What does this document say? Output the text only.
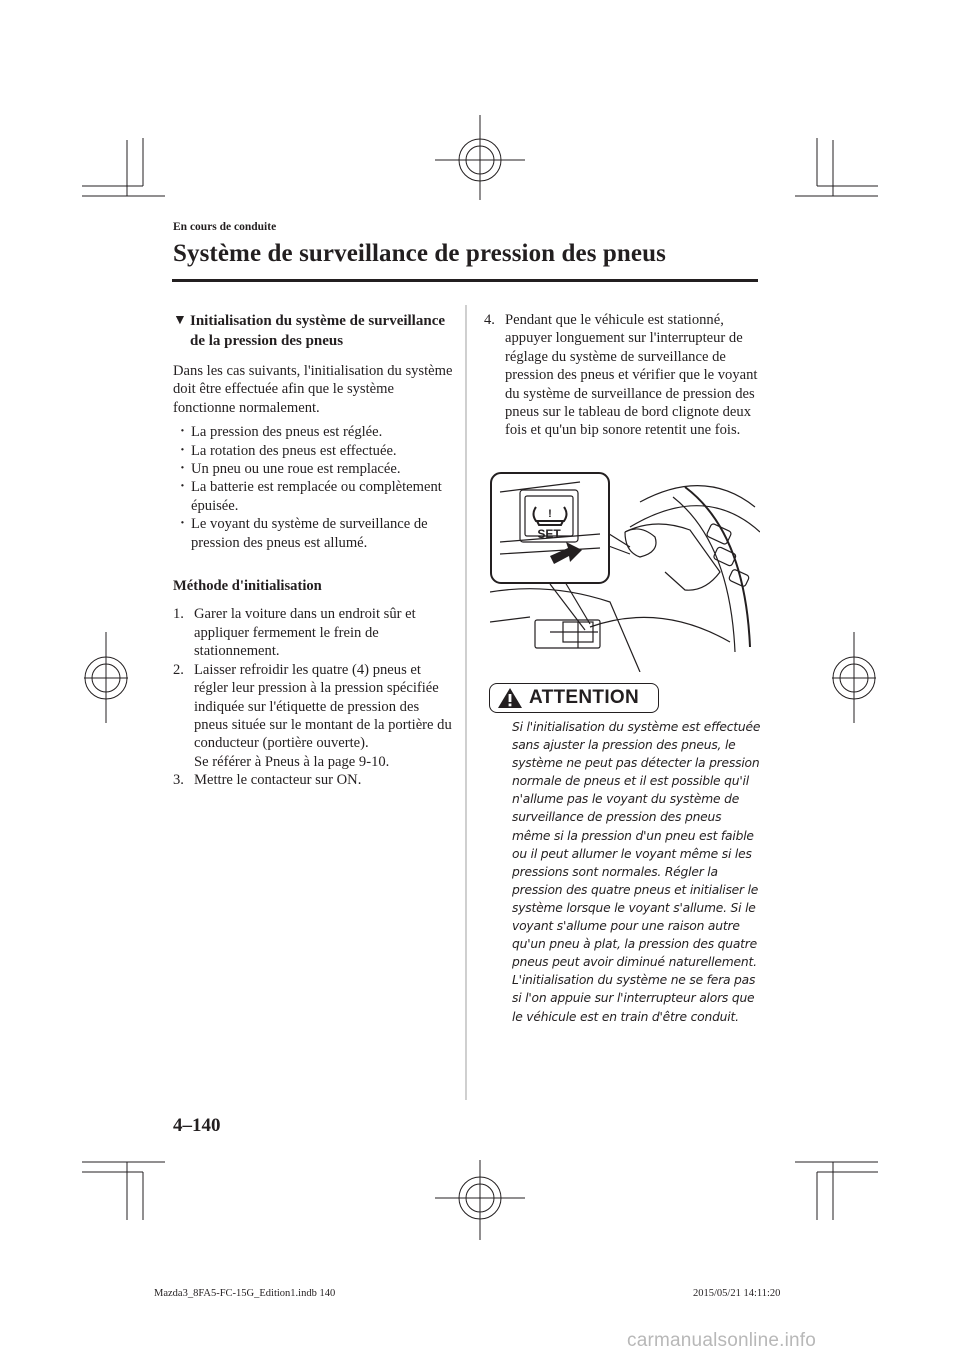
En cours de conduite
Système de surveillance de pression des pneus
▼ Initialisation du système de surveillance de la pression des pneus

Dans les cas suivants, l'initialisation du système doit être effectuée afin que le système fonctionne normalement.

· La pression des pneus est réglée.
· La rotation des pneus est effectuée.
· Un pneu ou une roue est remplacée.
· La batterie est remplacée ou complètement épuisée.
· Le voyant du système de surveillance de pression des pneus est allumé.
Méthode d'initialisation
1. Garer la voiture dans un endroit sûr et appliquer fermement le frein de stationnement.
2. Laisser refroidir les quatre (4) pneus et régler leur pression à la pression spécifiée indiquée sur l'étiquette de pression des pneus située sur le montant de la portière du conducteur (portière ouverte).
Se référer à Pneus à la page 9-10.
3. Mettre le contacteur sur ON.
4. Pendant que le véhicule est stationné, appuyer longuement sur l'interrupteur de réglage du système de surveillance de pression des pneus et vérifier que le voyant du système de surveillance de pression des pneus sur le tableau de bord clignote deux fois et qu'un bip sonore retentit une fois.
!
SET
ATTENTION
Si l'initialisation du système est effectuée sans ajuster la pression des pneus, le système ne peut pas détecter la pression normale de pneus et il est possible qu'il n'allume pas le voyant du système de surveillance de pression des pneus même si la pression d'un pneu est faible ou il peut allumer le voyant même si les pressions sont normales. Régler la pression des quatre pneus et initialiser le système lorsque le voyant s'allume. Si le voyant s'allume pour une raison autre qu'un pneu à plat, la pression des quatre pneus peut avoir diminué naturellement. L'initialisation du système ne se fera pas si l'on appuie sur l'interrupteur alors que le véhicule est en train d'être conduit.
4–140
Mazda3_8FA5-FC-15G_Edition1.indb 140	2015/05/21 14:11:20
carmanualsonline.info
